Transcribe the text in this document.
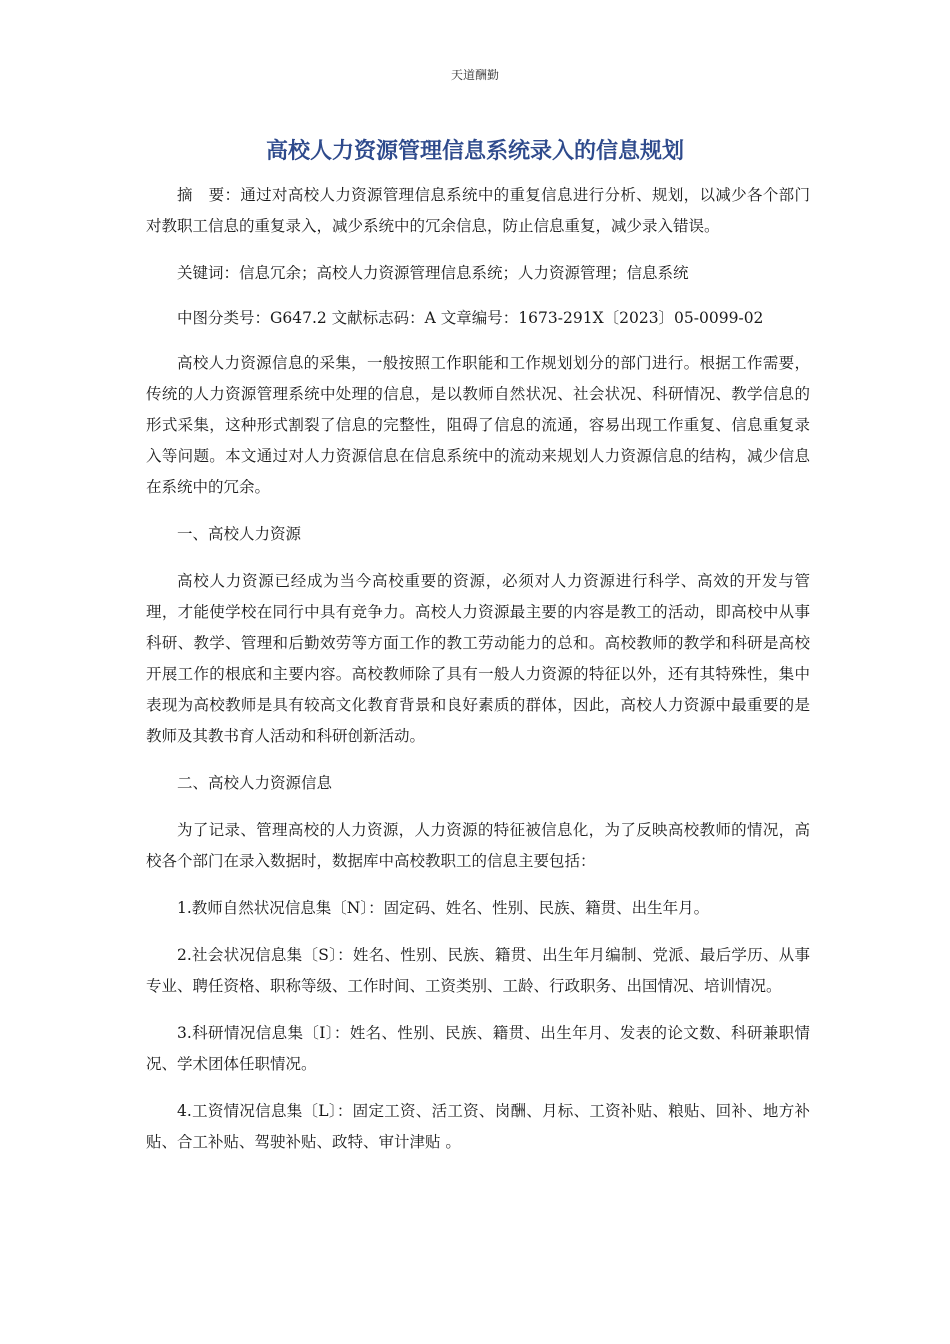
天道酬勤
高校人力资源管理信息系统录入的信息规划

摘　要：通过对高校人力资源管理信息系统中的重复信息进行分析、规划，以减少各个部门对教职工信息的重复录入，减少系统中的冗余信息，防止信息重复，减少录入错误。

关键词：信息冗余；高校人力资源管理信息系统；人力资源管理；信息系统

中图分类号：G647.2 文献标志码：A 文章编号：1673-291X〔2023〕05-0099-02

高校人力资源信息的采集，一般按照工作职能和工作规划划分的部门进行。根据工作需要，传统的人力资源管理系统中处理的信息，是以教师自然状况、社会状况、科研情况、教学信息的形式采集，这种形式割裂了信息的完整性，阻碍了信息的流通，容易出现工作重复、信息重复录入等问题。本文通过对人力资源信息在信息系统中的流动来规划人力资源信息的结构，减少信息在系统中的冗余。

一、高校人力资源

高校人力资源已经成为当今高校重要的资源，必须对人力资源进行科学、高效的开发与管理，才能使学校在同行中具有竞争力。高校人力资源最主要的内容是教工的活动，即高校中从事科研、教学、管理和后勤效劳等方面工作的教工劳动能力的总和。高校教师的教学和科研是高校开展工作的根底和主要内容。高校教师除了具有一般人力资源的特征以外，还有其特殊性，集中表现为高校教师是具有较高文化教育背景和良好素质的群体，因此，高校人力资源中最重要的是教师及其教书育人活动和科研创新活动。

二、高校人力资源信息

为了记录、管理高校的人力资源，人力资源的特征被信息化，为了反映高校教师的情况，高校各个部门在录入数据时，数据库中高校教职工的信息主要包括：

1.教师自然状况信息集〔N〕：固定码、姓名、性别、民族、籍贯、出生年月。

2.社会状况信息集〔S〕：姓名、性别、民族、籍贯、出生年月编制、党派、最后学历、从事专业、聘任资格、职称等级、工作时间、工资类别、工龄、行政职务、出国情况、培训情况。

3.科研情况信息集〔I〕：姓名、性别、民族、籍贯、出生年月、发表的论文数、科研兼职情况、学术团体任职情况。

4.工资情况信息集〔L〕：固定工资、活工资、岗酬、月标、工资补贴、粮贴、回补、地方补贴、合工补贴、驾驶补贴、政特、审计津贴 。
